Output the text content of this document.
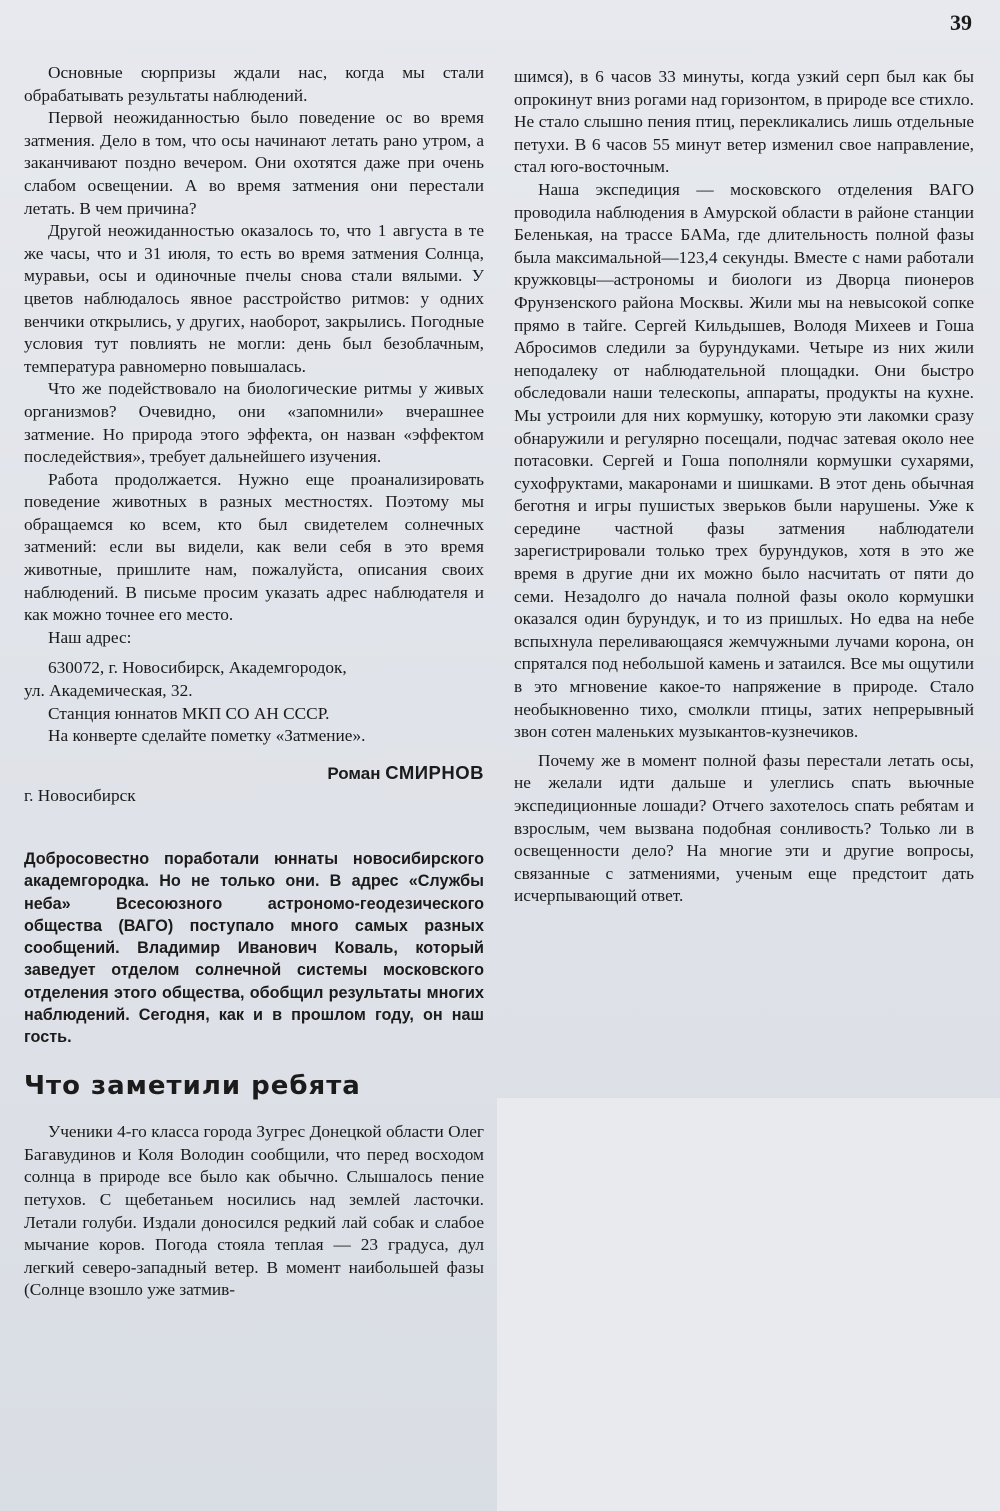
39

Основные сюрпризы ждали нас, когда мы стали обрабатывать результаты наблюдений.

Первой неожиданностью было поведение ос во время затмения. Дело в том, что осы начинают летать рано утром, а заканчивают поздно вечером. Они охотятся даже при очень слабом освещении. А во время затмения они перестали летать. В чем причина?

Другой неожиданностью оказалось то, что 1 августа в те же часы, что и 31 июля, то есть во время затмения Солнца, муравьи, осы и одиночные пчелы снова стали вялыми. У цветов наблюдалось явное расстройство ритмов: у одних венчики открылись, у других, наоборот, закрылись. Погодные условия тут повлиять не могли: день был безоблачным, температура равномерно повышалась.

Что же подействовало на биологические ритмы у живых организмов? Очевидно, они «запомнили» вчерашнее затмение. Но природа этого эффекта, он назван «эффектом последействия», требует дальнейшего изучения.

Работа продолжается. Нужно еще проанализировать поведение животных в разных местностях. Поэтому мы обращаемся ко всем, кто был свидетелем солнечных затмений: если вы видели, как вели себя в это время животные, пришлите нам, пожалуйста, описания своих наблюдений. В письме просим указать адрес наблюдателя и как можно точнее его место.

Наш адрес:

630072, г. Новосибирск, Академгородок,

ул. Академическая, 32.

Станция юннатов МКП СО АН СССР.

На конверте сделайте пометку «Затмение».

Роман СМИРНОВ

г. Новосибирск

Добросовестно поработали юннаты новосибирского академгородка. Но не только они. В адрес «Службы неба» Всесоюзного астрономо-геодезического общества (ВАГО) поступало много самых разных сообщений. Владимир Иванович Коваль, который заведует отделом солнечной системы московского отделения этого общества, обобщил результаты многих наблюдений. Сегодня, как и в прошлом году, он наш гость.
Что заметили ребята

Ученики 4-го класса города Зугрес Донецкой области Олег Багавудинов и Коля Володин сообщили, что перед восходом солнца в природе все было как обычно. Слышалось пение петухов. С щебетаньем носились над землей ласточки. Летали голуби. Издали доносился редкий лай собак и слабое мычание коров. Погода стояла теплая — 23 градуса, дул легкий северо-западный ветер. В момент наибольшей фазы (Солнце взошло уже затмив-

шимся), в 6 часов 33 минуты, когда узкий серп был как бы опрокинут вниз рогами над горизонтом, в природе все стихло. Не стало слышно пения птиц, перекликались лишь отдельные петухи. В 6 часов 55 минут ветер изменил свое направление, стал юго-восточным.

Наша экспедиция — московского отделения ВАГО проводила наблюдения в Амурской области в районе станции Беленькая, на трассе БАМа, где длительность полной фазы была максимальной—123,4 секунды. Вместе с нами работали кружковцы—астрономы и биологи из Дворца пионеров Фрунзенского района Москвы. Жили мы на невысокой сопке прямо в тайге. Сергей Кильдышев, Володя Михеев и Гоша Абросимов следили за бурундуками. Четыре из них жили неподалеку от наблюдательной площадки. Они быстро обследовали наши телескопы, аппараты, продукты на кухне. Мы устроили для них кормушку, которую эти лакомки сразу обнаружили и регулярно посещали, подчас затевая около нее потасовки. Сергей и Гоша пополняли кормушки сухарями, сухофруктами, макаронами и шишками. В этот день обычная беготня и игры пушистых зверьков были нарушены. Уже к середине частной фазы затмения наблюдатели зарегистрировали только трех бурундуков, хотя в это же время в другие дни их можно было насчитать от пяти до семи. Незадолго до начала полной фазы около кормушки оказался один бурундук, и то из пришлых. Но едва на небе вспыхнула переливающаяся жемчужными лучами корона, он спрятался под небольшой камень и затаился. Все мы ощутили в это мгновение какое-то напряжение в природе. Стало необыкновенно тихо, смолкли птицы, затих непрерывный звон сотен маленьких музыкантов-кузнечиков.

Почему же в момент полной фазы перестали летать осы, не желали идти дальше и улеглись спать вьючные экспедиционные лошади? Отчего захотелось спать ребятам и взрослым, чем вызвана подобная сонливость? Только ли в освещенности дело? На многие эти и другие вопросы, связанные с затмениями, ученым еще предстоит дать исчерпывающий ответ.
